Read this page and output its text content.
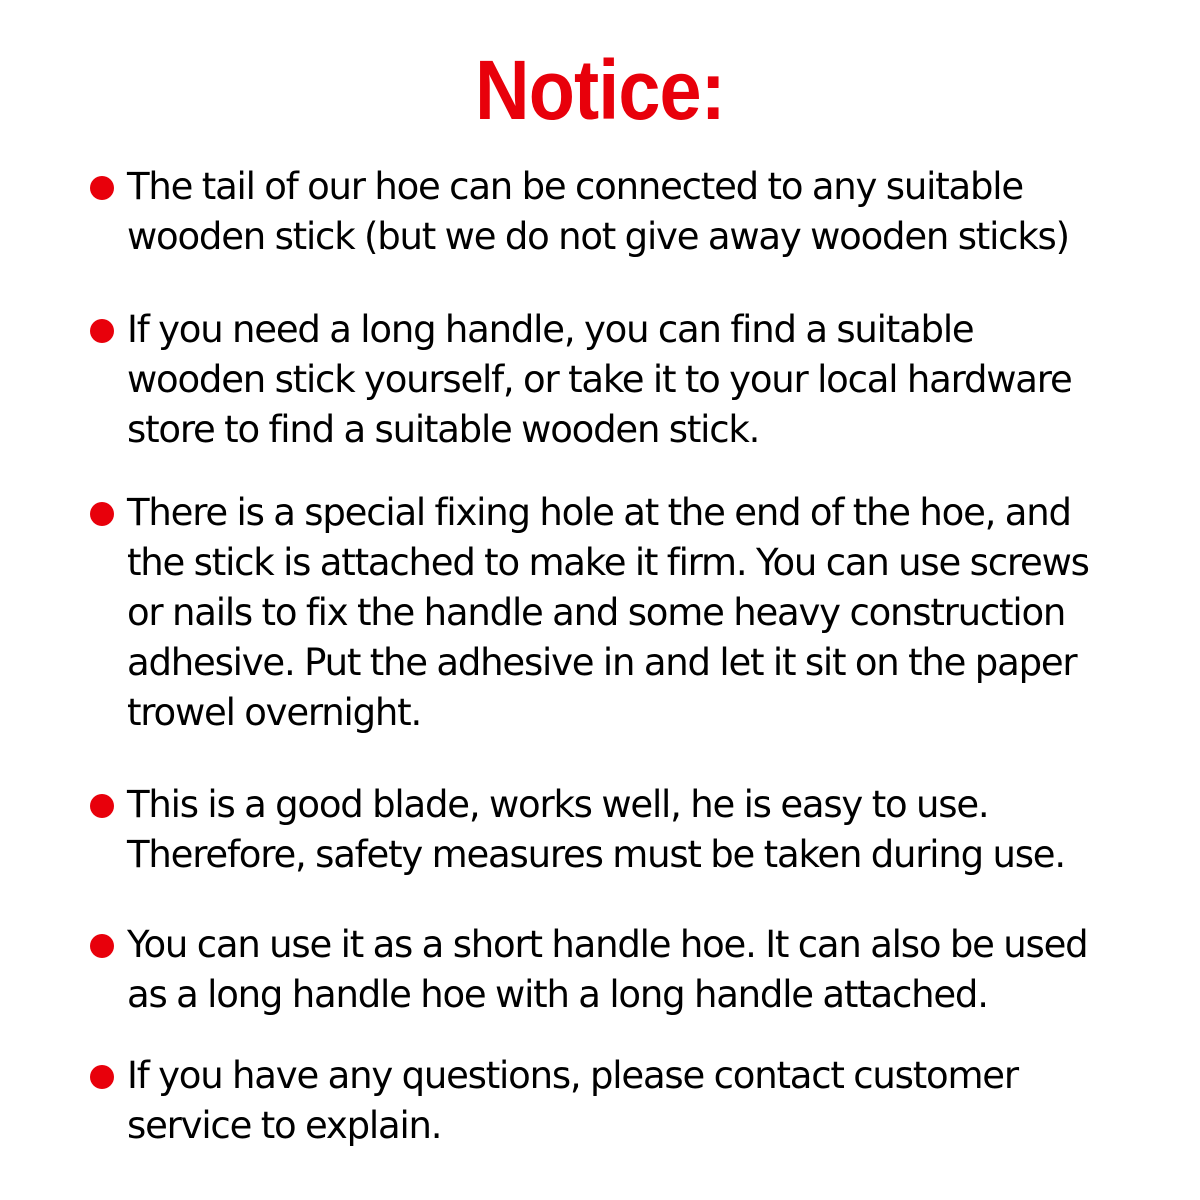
Notice:
The tail of our hoe can be connected to any suitable
wooden stick (but we do not give away wooden sticks)
If you need a long handle, you can find a suitable
wooden stick yourself, or take it to your local hardware
store to find a suitable wooden stick.
There is a special fixing hole at the end of the hoe, and
the stick is attached to make it firm. You can use screws
or nails to fix the handle and some heavy construction
adhesive. Put the adhesive in and let it sit on the paper
trowel overnight.
This is a good blade, works well, he is easy to use.
Therefore, safety measures must be taken during use.
You can use it as a short handle hoe. It can also be used
as a long handle hoe with a long handle attached.
If you have any questions, please contact customer
service to explain.
